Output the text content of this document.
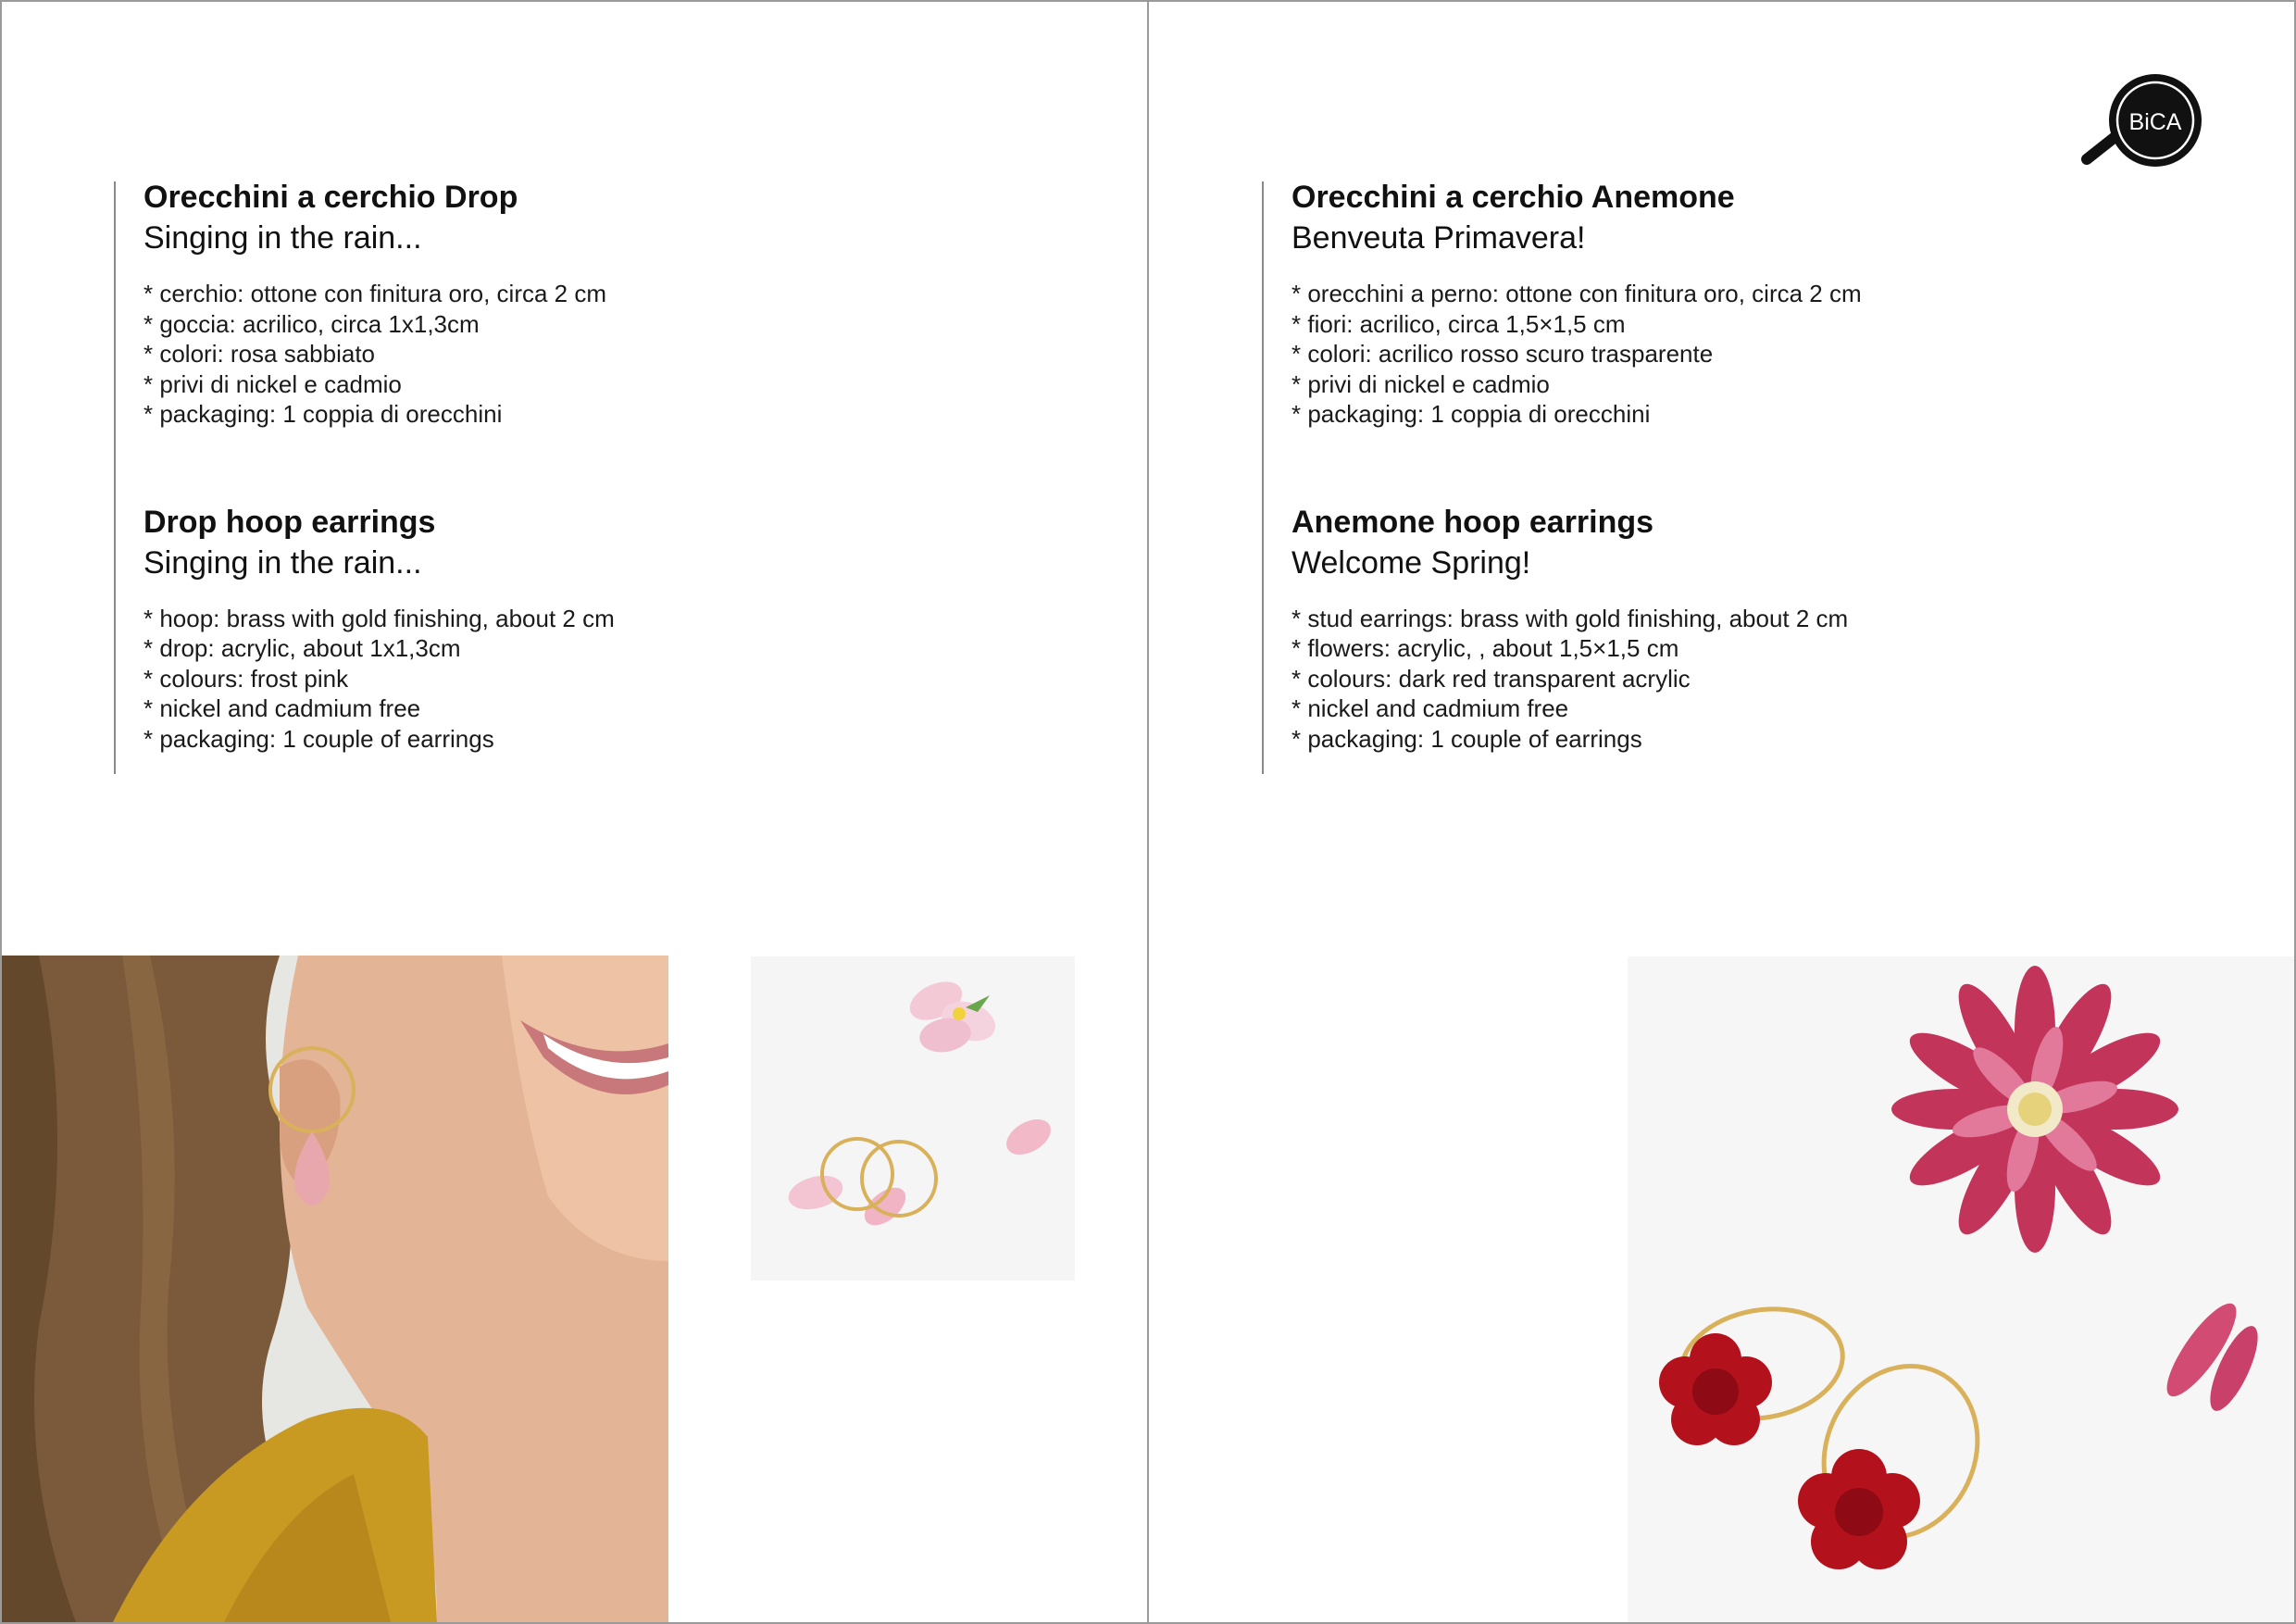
Orecchini a cerchio Drop

Singing in the rain...

* cerchio: ottone con finitura oro, circa 2 cm

* goccia: acrilico, circa 1x1,3cm

* colori: rosa sabbiato

* privi di nickel e cadmio

* packaging: 1 coppia di orecchini

Drop hoop earrings

Singing in the rain...

* hoop: brass with gold finishing, about 2 cm

* drop: acrylic, about 1x1,3cm

* colours: frost pink

* nickel and cadmium free

* packaging: 1 couple of earrings

Orecchini a cerchio Anemone

Benveuta Primavera!

* orecchini a perno: ottone con finitura oro, circa 2 cm

* fiori: acrilico, circa 1,5×1,5 cm

* colori: acrilico rosso scuro trasparente

* privi di nickel e cadmio

* packaging: 1 coppia di orecchini

Anemone hoop earrings

Welcome Spring!

* stud earrings: brass with gold finishing, about 2 cm

* flowers: acrylic, , about 1,5×1,5 cm

* colours: dark red transparent acrylic

* nickel and cadmium free

* packaging: 1 couple of earrings

BiCA
